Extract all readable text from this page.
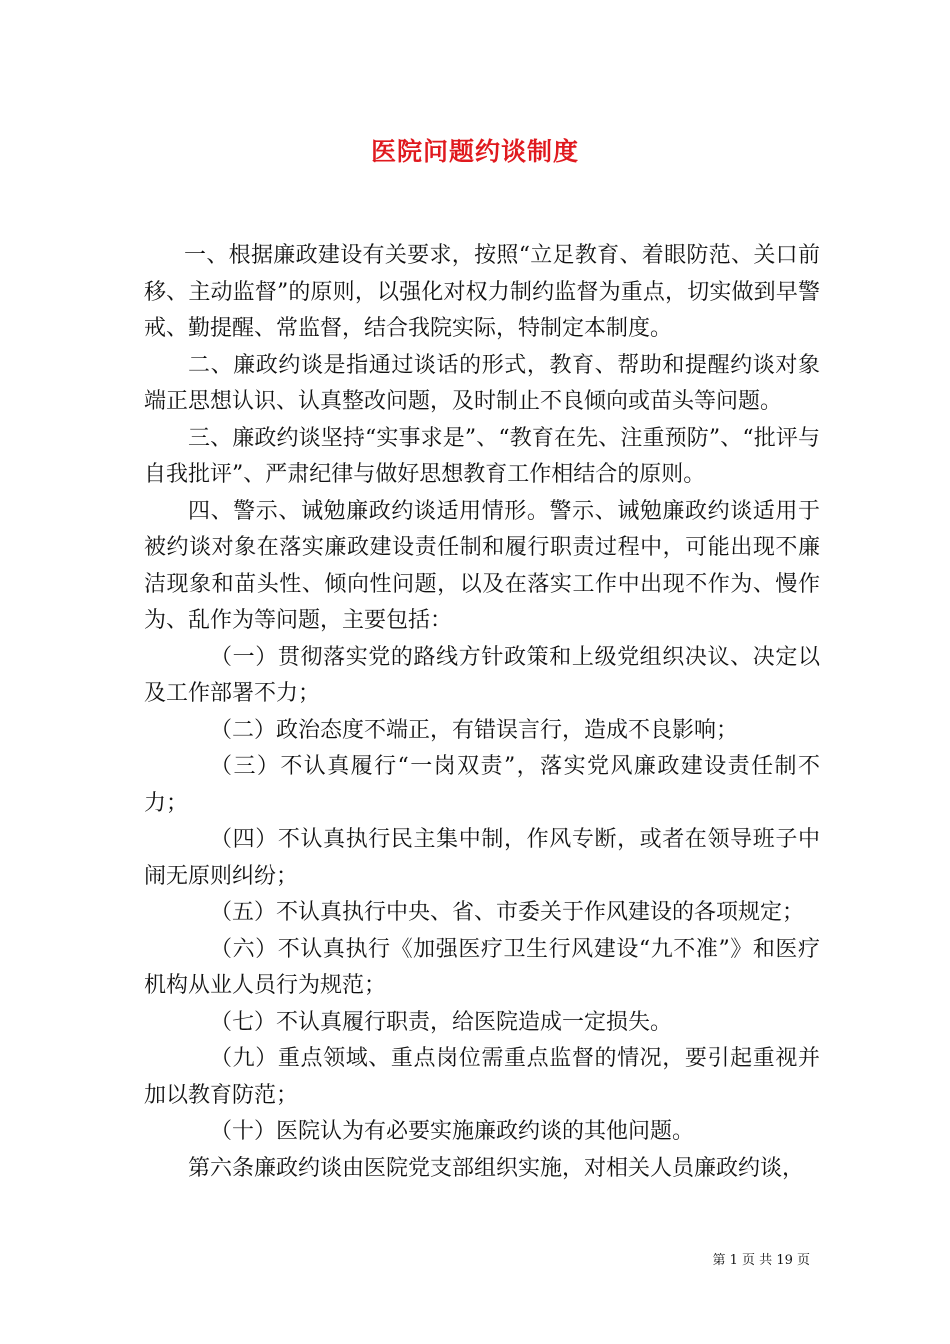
医院问题约谈制度

一、根据廉政建设有关要求，按照“立足教育、着眼防范、关口前移、主动监督”的原则，以强化对权力制约监督为重点，切实做到早警戒、勤提醒、常监督，结合我院实际，特制定本制度。

二、廉政约谈是指通过谈话的形式，教育、帮助和提醒约谈对象端正思想认识、认真整改问题，及时制止不良倾向或苗头等问题。

三、廉政约谈坚持“实事求是”、“教育在先、注重预防”、“批评与自我批评”、严肃纪律与做好思想教育工作相结合的原则。

四、警示、诫勉廉政约谈适用情形。警示、诫勉廉政约谈适用于被约谈对象在落实廉政建设责任制和履行职责过程中，可能出现不廉洁现象和苗头性、倾向性问题，以及在落实工作中出现不作为、慢作为、乱作为等问题，主要包括：

（一）贯彻落实党的路线方针政策和上级党组织决议、决定以及工作部署不力；

（二）政治态度不端正，有错误言行，造成不良影响；

（三）不认真履行“一岗双责”，落实党风廉政建设责任制不力；

（四）不认真执行民主集中制，作风专断，或者在领导班子中闹无原则纠纷；

（五）不认真执行中央、省、市委关于作风建设的各项规定；

（六）不认真执行《加强医疗卫生行风建设“九不准”》和医疗机构从业人员行为规范；

（七）不认真履行职责，给医院造成一定损失。

（九）重点领域、重点岗位需重点监督的情况，要引起重视并加以教育防范；

（十）医院认为有必要实施廉政约谈的其他问题。

第六条廉政约谈由医院党支部组织实施，对相关人员廉政约谈，

第 1 页 共 19 页
